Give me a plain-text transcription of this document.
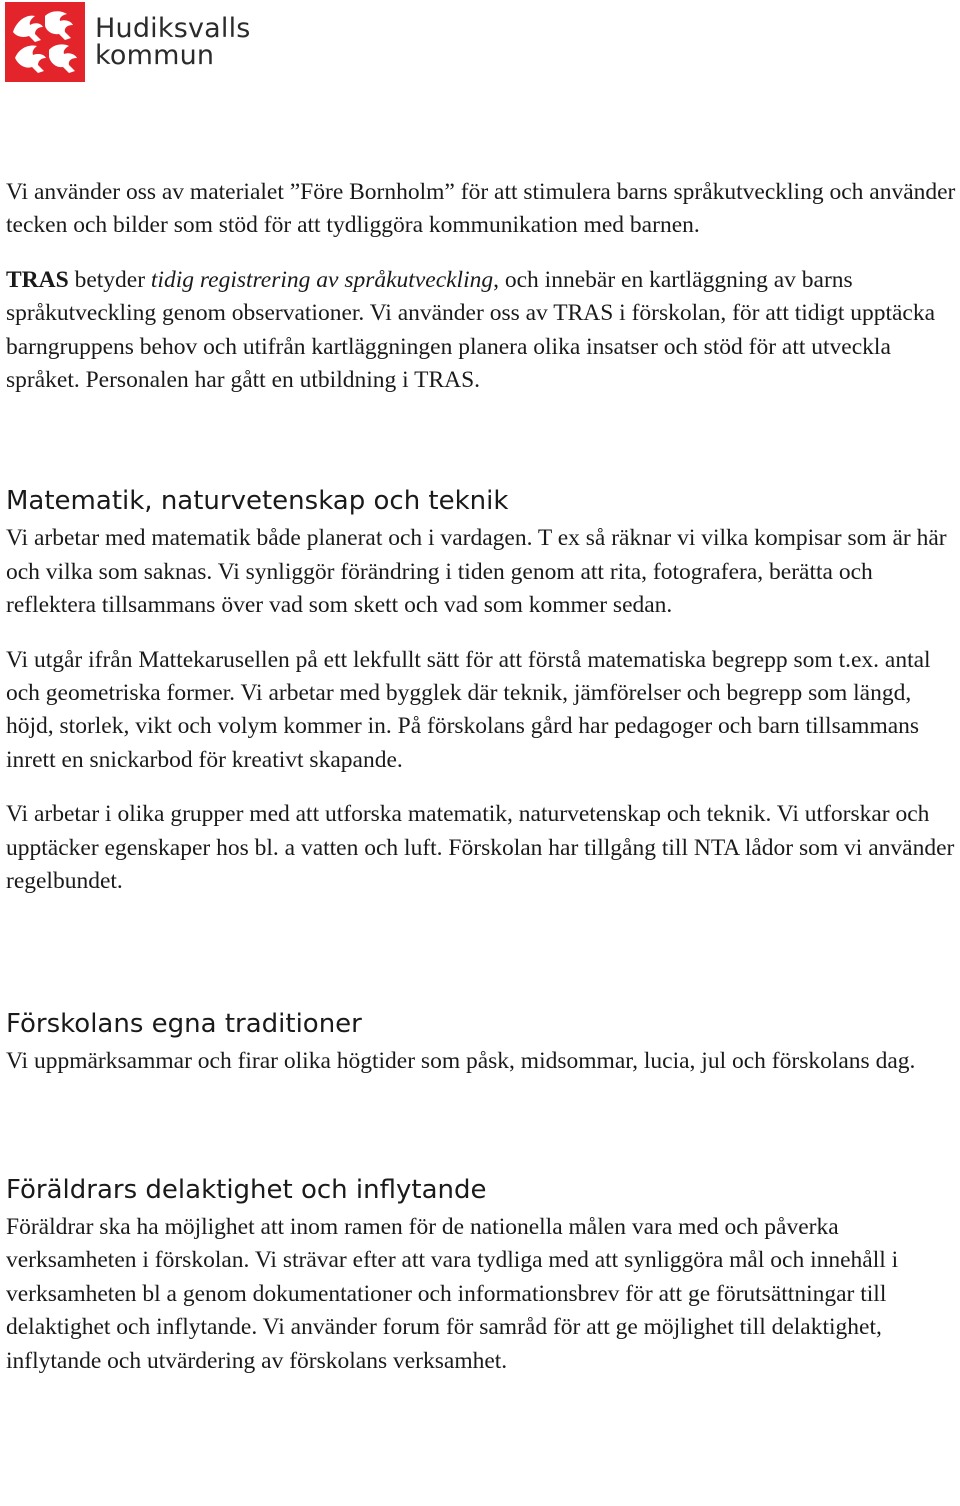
Hudiksvalls
kommun

Vi använder oss av materialet ”Före Bornholm” för att stimulera barns språkutveckling och använder tecken och bilder som stöd för att tydliggöra kommunikation med barnen.

TRAS betyder tidig registrering av språkutveckling, och innebär en kartläggning av barns språkutveckling genom observationer. Vi använder oss av TRAS i förskolan, för att tidigt upptäcka barngruppens behov och utifrån kartläggningen planera olika insatser och stöd för att utveckla språket. Personalen har gått en utbildning i TRAS.

Matematik, naturvetenskap och teknik

Vi arbetar med matematik både planerat och i vardagen. T ex så räknar vi vilka kompisar som är här och vilka som saknas. Vi synliggör förändring i tiden genom att rita, fotografera, berätta och reflektera tillsammans över vad som skett och vad som kommer sedan.

Vi utgår ifrån Mattekarusellen på ett lekfullt sätt för att förstå matematiska begrepp som t.ex. antal och geometriska former. Vi arbetar med bygglek där teknik, jämförelser och begrepp som längd, höjd, storlek, vikt och volym kommer in. På förskolans gård har pedagoger och barn tillsammans inrett en snickarbod för kreativt skapande.

Vi arbetar i olika grupper med att utforska matematik, naturvetenskap och teknik. Vi utforskar och upptäcker egenskaper hos bl. a vatten och luft. Förskolan har tillgång till NTA lådor som vi använder regelbundet.

Förskolans egna traditioner

Vi uppmärksammar och firar olika högtider som påsk, midsommar, lucia, jul och förskolans dag.

Föräldrars delaktighet och inflytande

Föräldrar ska ha möjlighet att inom ramen för de nationella målen vara med och påverka verksamheten i förskolan. Vi strävar efter att vara tydliga med att synliggöra mål och innehåll i verksamheten bl a genom dokumentationer och informationsbrev för att ge förutsättningar till delaktighet och inflytande. Vi använder forum för samråd för att ge möjlighet till delaktighet, inflytande och utvärdering av förskolans verksamhet.
